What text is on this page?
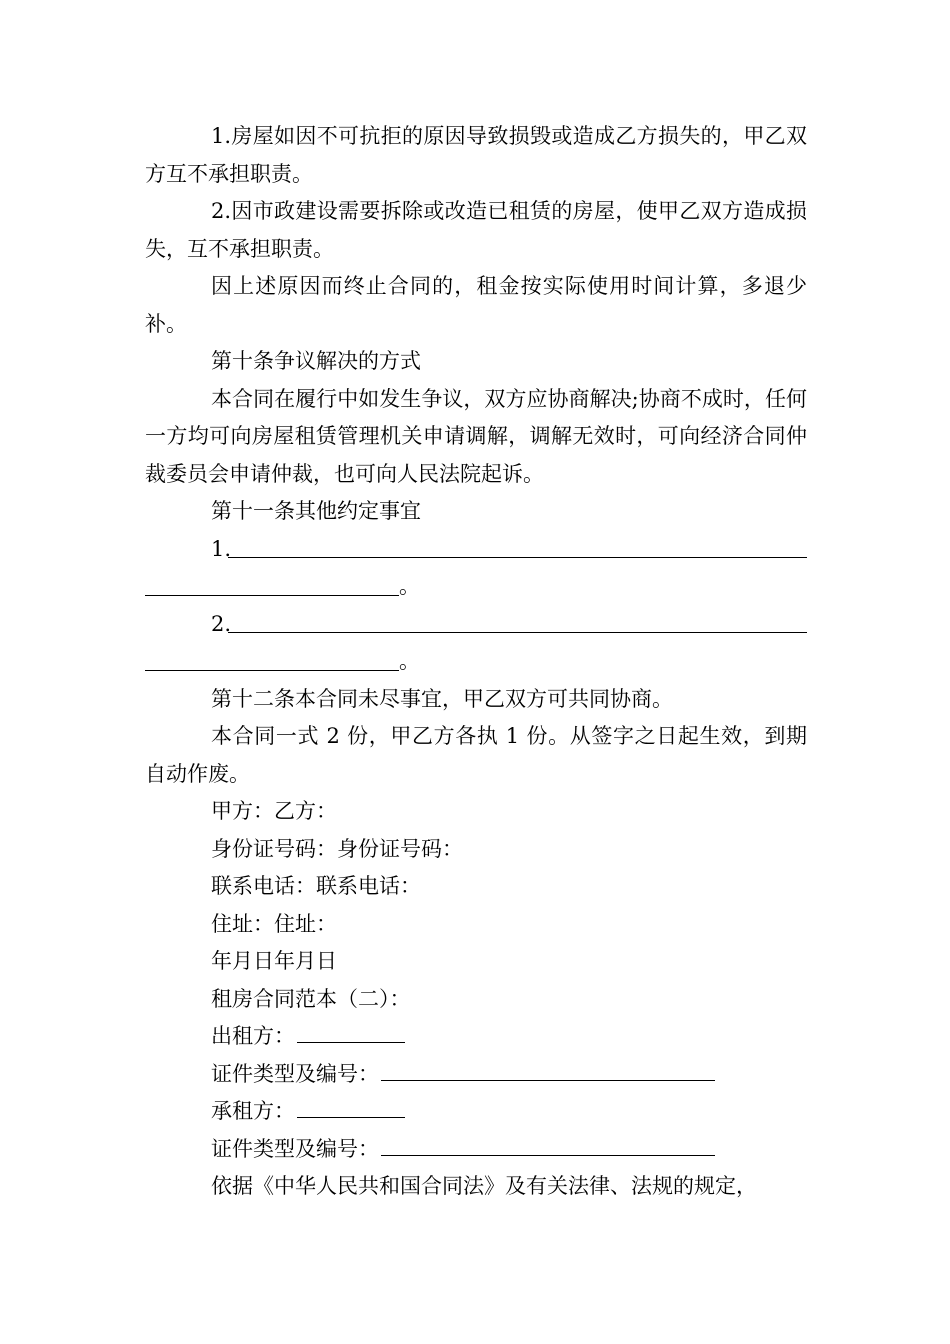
1.房屋如因不可抗拒的原因导致损毁或造成乙方损失的，甲乙双方互不承担职责。

2.因市政建设需要拆除或改造已租赁的房屋，使甲乙双方造成损失，互不承担职责。

因上述原因而终止合同的，租金按实际使用时间计算，多退少补。

第十条争议解决的方式

本合同在履行中如发生争议，双方应协商解决;协商不成时，任何一方均可向房屋租赁管理机关申请调解，调解无效时，可向经济合同仲裁委员会申请仲裁，也可向人民法院起诉。

第十一条其他约定事宜

1.
。
2.
。

第十二条本合同未尽事宜，甲乙双方可共同协商。

本合同一式 2 份，甲乙方各执 1 份。从签字之日起生效，到期自动作废。

甲方：乙方：

身份证号码：身份证号码：

联系电话：联系电话：

住址：住址：

年月日年月日

租房合同范本（二）：

出租方：
证件类型及编号：
承租方：
证件类型及编号：

依据《中华人民共和国合同法》及有关法律、法规的规定，
